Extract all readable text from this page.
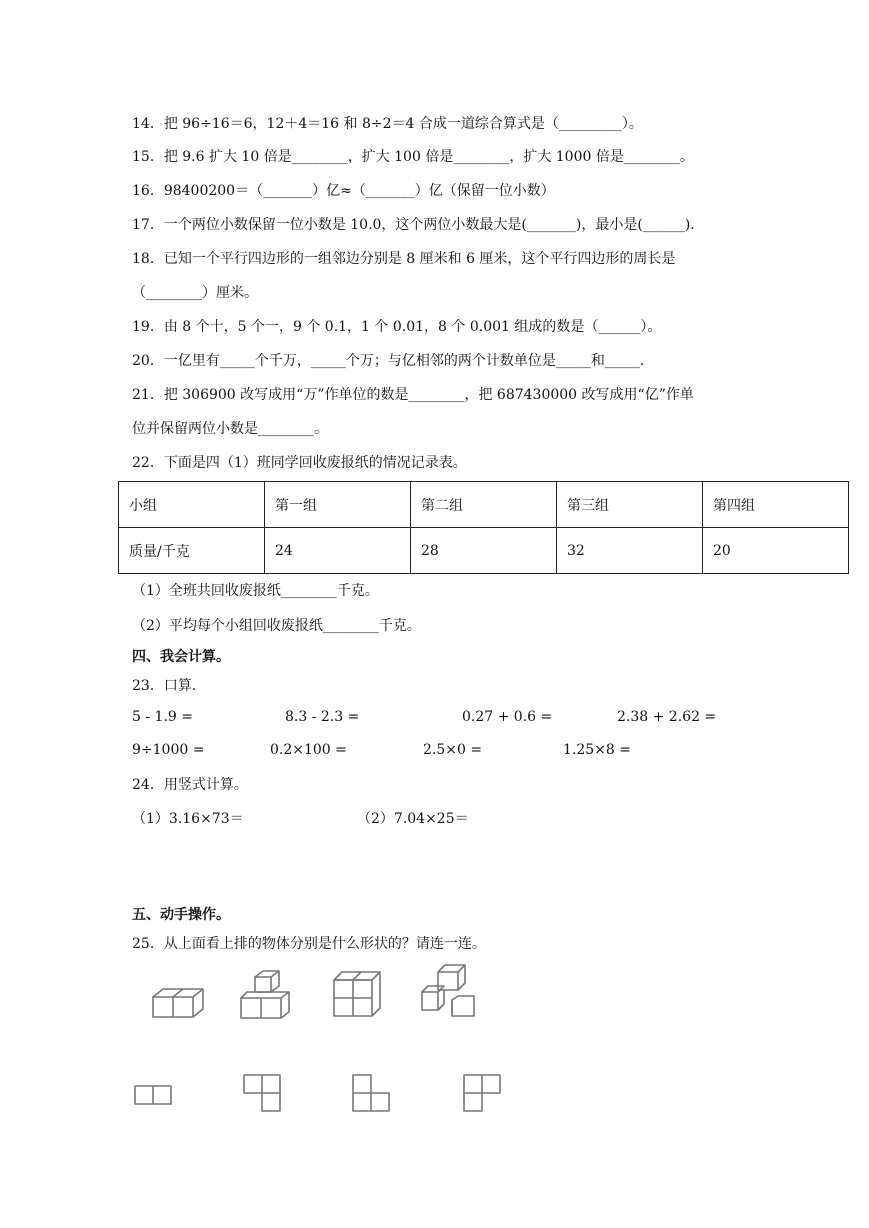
14．把 96÷16＝6，12＋4＝16 和 8÷2＝4 合成一道综合算式是（_________）。
15．把 9.6 扩大 10 倍是________，扩大 100 倍是________，扩大 1000 倍是________。
16．98400200＝（_______）亿≈（_______）亿（保留一位小数）
17．一个两位小数保留一位小数是 10.0，这个两位小数最大是(_______)，最小是(______)．
18．已知一个平行四边形的一组邻边分别是 8 厘米和 6 厘米，这个平行四边形的周长是
（________）厘米。
19．由 8 个十，5 个一，9 个 0.1，1 个 0.01，8 个 0.001 组成的数是（______）。
20．一亿里有_____个千万，_____个万；与亿相邻的两个计数单位是_____和_____.
21．把 306900 改写成用“万”作单位的数是________，把 687430000 改写成用“亿”作单
位并保留两位小数是________。
22．下面是四（1）班同学回收废报纸的情况记录表。
小组	第一组	第二组	第三组	第四组
质量/千克	24	28	32	20
（1）全班共回收废报纸________千克。
（2）平均每个小组回收废报纸________千克。
四、我会计算。
23．口算.
5 - 1.9 =	8.3 - 2.3 =	0.27 + 0.6 =	2.38 + 2.62 =
9÷1000 =	0.2×100 =	2.5×0 =	1.25×8 =
24．用竖式计算。
（1）3.16×73＝	（2）7.04×25＝
五、动手操作。
25．从上面看上排的物体分别是什么形状的？请连一连。
